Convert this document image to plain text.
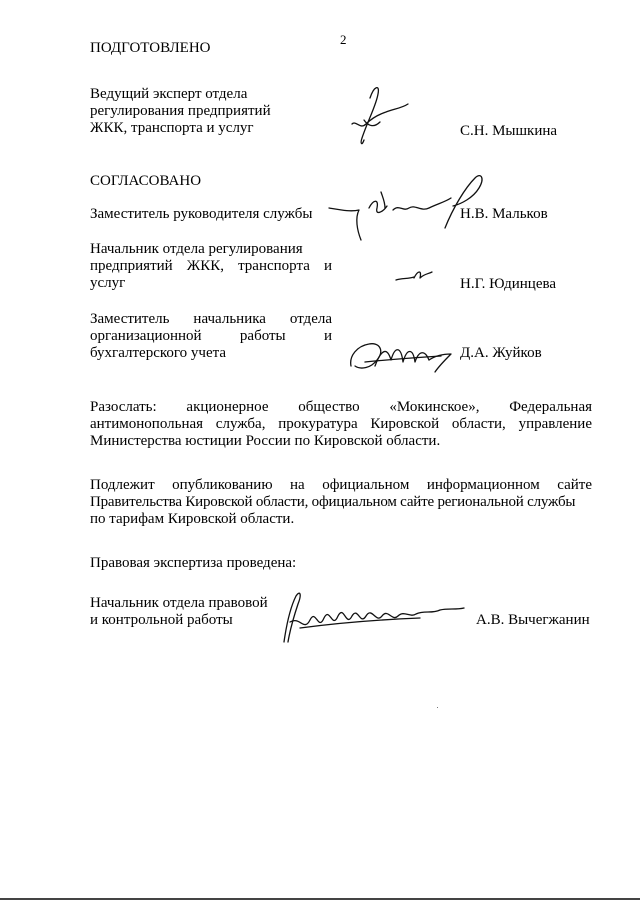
2
ПОДГОТОВЛЕНО
Ведущий эксперт отдела
регулирования предприятий
ЖКК, транспорта и услуг	С.Н. Мышкина
СОГЛАСОВАНО
Заместитель руководителя службы	Н.В. Мальков
Начальник отдела регулирования
предприятий ЖКК, транспорта и
услуг	Н.Г. Юдинцева
Заместитель начальника отдела
организационной работы и
бухгалтерского учета	Д.А. Жуйков
Разослать: акционерное общество «Мокинское», Федеральная
антимонопольная служба, прокуратура Кировской области, управление
Министерства юстиции России по Кировской области.
Подлежит опубликованию на официальном информационном сайте
Правительства Кировской области, официальном сайте региональной службы
по тарифам Кировской области.
Правовая экспертиза проведена:
Начальник отдела правовой
и контрольной работы	А.В. Вычегжанин
